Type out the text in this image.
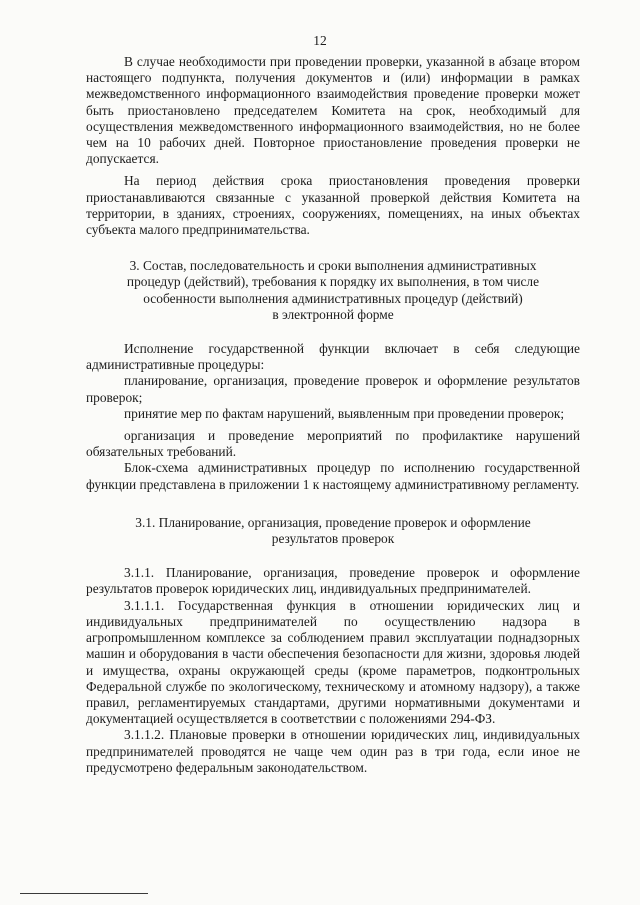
12

В случае необходимости при проведении проверки, указанной в абзаце втором настоящего подпункта, получения документов и (или) информации в рамках межведомственного информационного взаимодействия проведение проверки может быть приостановлено председателем Комитета на срок, необходимый для осуществления межведомственного информационного взаимодействия, но не более чем на 10 рабочих дней. Повторное приостановление проведения проверки не допускается.

На период действия срока приостановления проведения проверки приостанавливаются связанные с указанной проверкой действия Комитета на территории, в зданиях, строениях, сооружениях, помещениях, на иных объектах субъекта малого предпринимательства.

3. Состав, последовательность и сроки выполнения административных
процедур (действий), требования к порядку их выполнения, в том числе
особенности выполнения административных процедур (действий)
в электронной форме

Исполнение государственной функции включает в себя следующие административные процедуры:

планирование, организация, проведение проверок и оформление результатов проверок;

принятие мер по фактам нарушений, выявленным при проведении проверок;

организация и проведение мероприятий по профилактике нарушений обязательных требований.

Блок-схема административных процедур по исполнению государственной функции представлена в приложении 1 к настоящему административному регламенту.

3.1. Планирование, организация, проведение проверок и оформление
результатов проверок

3.1.1. Планирование, организация, проведение проверок и оформление результатов проверок юридических лиц, индивидуальных предпринимателей.

3.1.1.1. Государственная функция в отношении юридических лиц и индивидуальных предпринимателей по осуществлению надзора в агропромышленном комплексе за соблюдением правил эксплуатации поднадзорных машин и оборудования в части обеспечения безопасности для жизни, здоровья людей и имущества, охраны окружающей среды (кроме параметров, подконтрольных Федеральной службе по экологическому, техническому и атомному надзору), а также правил, регламентируемых стандартами, другими нормативными документами и документацией осуществляется в соответствии с положениями 294-ФЗ.

3.1.1.2. Плановые проверки в отношении юридических лиц, индивидуальных предпринимателей проводятся не чаще чем один раз в три года, если иное не предусмотрено федеральным законодательством.
